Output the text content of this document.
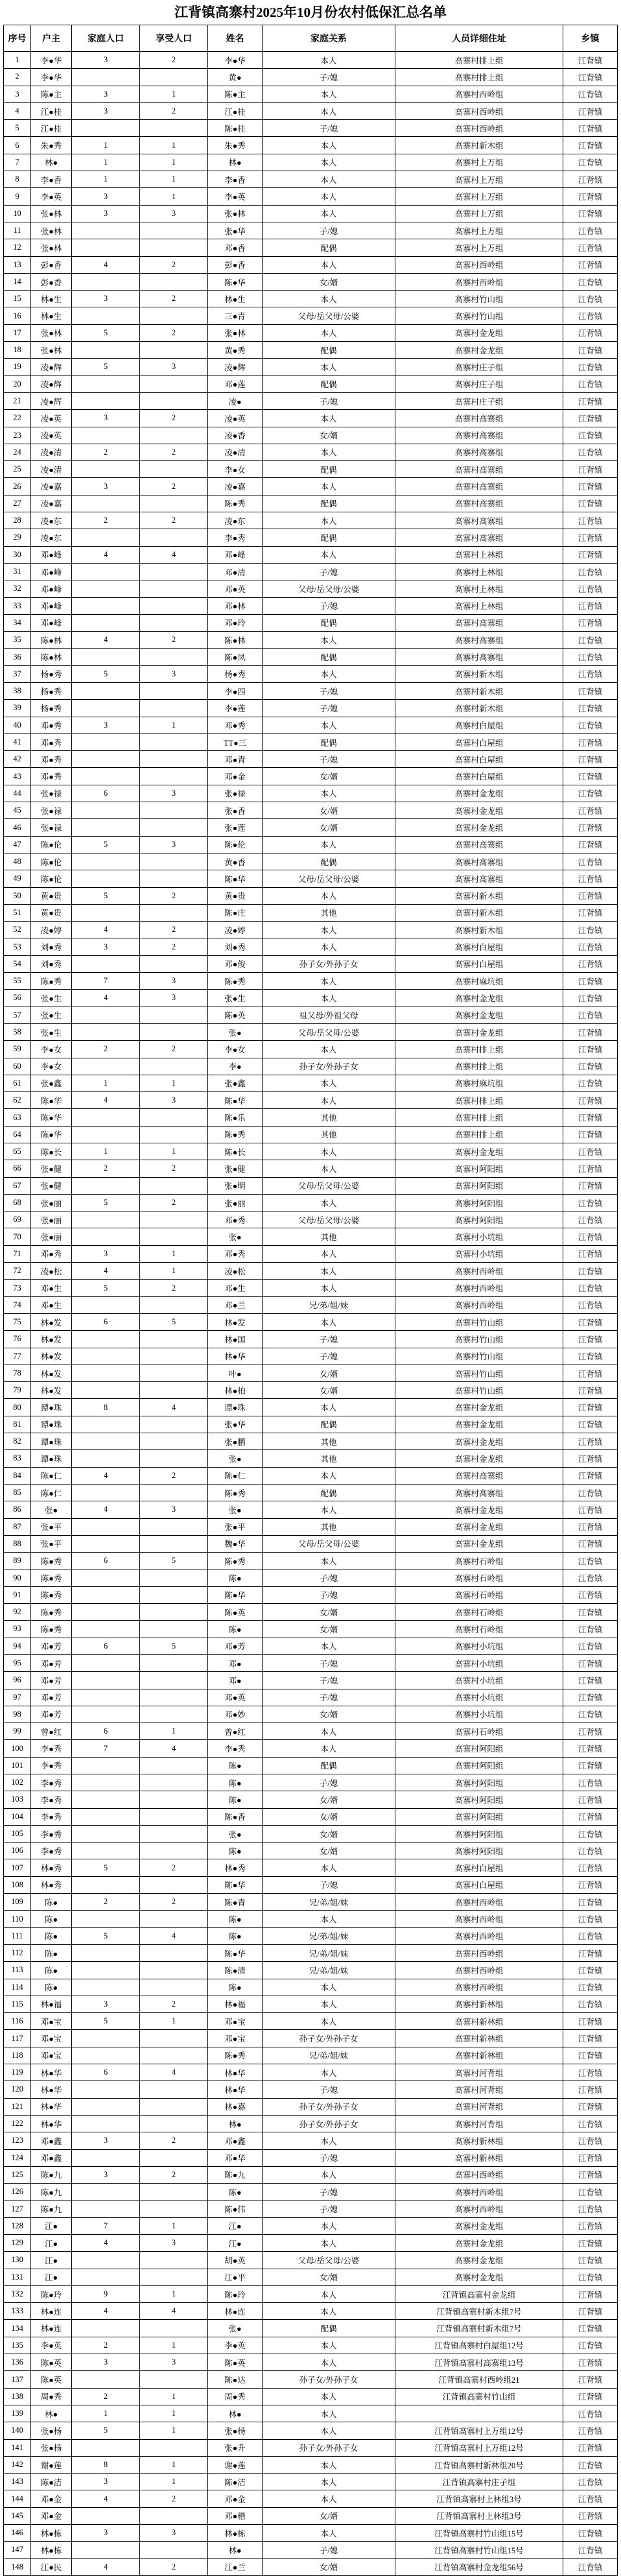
江背镇高寨村2025年10月份农村低保汇总名单
序号	户主	家庭人口	享受人口	姓名	家庭关系	人员详细住址	乡镇
1	李●华	3	2	李●华	本人	高寨村排上组	江背镇
2	李●华			黄●	子/媳	高寨村排上组	江背镇
3	陈●主	3	1	陈●主	本人	高寨村西岭组	江背镇
4	江●桂	3	2	江●桂	本人	高寨村西岭组	江背镇
5	江●桂			陈●桂	子/媳	高寨村西岭组	江背镇
6	朱●秀	1	1	朱●秀	本人	高寨村新木组	江背镇
7	林●	1	1	林●	本人	高寨村上万组	江背镇
8	李●香	1	1	李●香	本人	高寨村上万组	江背镇
9	李●英	3	1	李●英	本人	高寨村上万组	江背镇
10	张●林	3	3	张●林	本人	高寨村上万组	江背镇
11	张●林			张●华	子/媳	高寨村上万组	江背镇
12	张●林			邓●香	配偶	高寨村上万组	江背镇
13	彭●香	4	2	彭●香	本人	高寨村西岭组	江背镇
14	彭●香			陈●华	女/婿	高寨村西岭组	江背镇
15	林●生	3	2	林●生	本人	高寨村竹山组	江背镇
16	林●生			三●青	父母/岳父母/公婆	高寨村竹山组	江背镇
17	张●林	5	2	张●林	本人	高寨村金龙组	江背镇
18	张●林			黄●秀	配偶	高寨村金龙组	江背镇
19	凌●辉	5	3	凌●辉	本人	高寨村庄子组	江背镇
20	凌●辉			邓●莲	配偶	高寨村庄子组	江背镇
21	凌●辉			凌●	子/媳	高寨村庄子组	江背镇
22	凌●英	3	2	凌●英	本人	高寨村高寨组	江背镇
23	凌●英			凌●香	女/婿	高寨村高寨组	江背镇
24	凌●清	2	2	凌●清	本人	高寨村高寨组	江背镇
25	凌●清			李●女	配偶	高寨村高寨组	江背镇
26	凌●嘉	3	2	凌●嘉	本人	高寨村高寨组	江背镇
27	凌●嘉			陈●秀	配偶	高寨村高寨组	江背镇
28	凌●东	2	2	凌●东	本人	高寨村高寨组	江背镇
29	凌●东			李●秀	配偶	高寨村高寨组	江背镇
30	邓●峰	4	4	邓●峰	本人	高寨村上林组	江背镇
31	邓●峰			邓●清	子/媳	高寨村上林组	江背镇
32	邓●峰			邓●英	父母/岳父母/公婆	高寨村上林组	江背镇
33	邓●峰			邓●林	子/媳	高寨村上林组	江背镇
34	邓●峰			邓●玲	配偶	高寨村高寨组	江背镇
35	陈●林	4	2	陈●林	本人	高寨村高寨组	江背镇
36	陈●林			陈●凤	配偶	高寨村高寨组	江背镇
37	杨●秀	5	3	杨●秀	本人	高寨村新木组	江背镇
38	杨●秀			李●四	子/媳	高寨村新木组	江背镇
39	杨●秀			李●莲	子/媳	高寨村新木组	江背镇
40	邓●秀	3	1	邓●秀	本人	高寨村白屋组	江背镇
41	邓●秀			TT●三	配偶	高寨村白屋组	江背镇
42	邓●秀			邓●青	子/媳	高寨村白屋组	江背镇
43	邓●秀			邓●金	女/婿	高寨村白屋组	江背镇
44	张●禄	6	3	张●禄	本人	高寨村金龙组	江背镇
45	张●禄			张●香	女/婿	高寨村金龙组	江背镇
46	张●禄			张●莲	女/婿	高寨村金龙组	江背镇
47	陈●伦	5	3	陈●伦	本人	高寨村高寨组	江背镇
48	陈●伦			黄●香	配偶	高寨村高寨组	江背镇
49	陈●伦			陈●华	父母/岳父母/公婆	高寨村高寨组	江背镇
50	黄●贵	5	2	黄●贵	本人	高寨村新木组	江背镇
51	黄●贵			陈●庄	其他	高寨村新木组	江背镇
52	凌●婷	4	2	凌●婷	本人	高寨村新木组	江背镇
53	刘●秀	3	2	刘●秀	本人	高寨村白屋组	江背镇
54	刘●秀			邓●俊	孙子女/外孙子女	高寨村白屋组	江背镇
55	陈●秀	7	3	陈●秀	本人	高寨村麻坑组	江背镇
56	张●生	4	3	张●生	本人	高寨村金龙组	江背镇
57	张●生			陈●英	祖父母/外祖父母	高寨村金龙组	江背镇
58	张●生			张●	父母/岳父母/公婆	高寨村金龙组	江背镇
59	李●女	2	2	李●女	本人	高寨村排上组	江背镇
60	李●女			李●	孙子女/外孙子女	高寨村排上组	江背镇
61	张●鑫	1	1	张●鑫	本人	高寨村麻坑组	江背镇
62	陈●华	4	3	陈●华	本人	高寨村排上组	江背镇
63	陈●华			陈●乐	其他	高寨村排上组	江背镇
64	陈●华			陈●秀	其他	高寨村排上组	江背镇
65	陈●长	1	1	陈●长	本人	高寨村金龙组	江背镇
66	张●健	2	2	张●健	本人	高寨村阿阳组	江背镇
67	张●健			张●明	父母/岳父母/公婆	高寨村阿阳组	江背镇
68	张●丽	5	2	张●丽	本人	高寨村阿阳组	江背镇
69	张●丽			邓●秀	父母/岳父母/公婆	高寨村阿阳组	江背镇
70	张●丽			张●	其他	高寨村小坑组	江背镇
71	邓●秀	3	1	邓●秀	本人	高寨村小坑组	江背镇
72	凌●松	4	1	凌●松	本人	高寨村西岭组	江背镇
73	邓●生	5	2	邓●生	本人	高寨村西岭组	江背镇
74	邓●生			邓●兰	兄/弟/姐/妹	高寨村西岭组	江背镇
75	林●发	6	5	林●发	本人	高寨村竹山组	江背镇
76	林●发			林●国	子/媳	高寨村竹山组	江背镇
77	林●发			林●华	子/媳	高寨村竹山组	江背镇
78	林●发			叶●	女/婿	高寨村竹山组	江背镇
79	林●发			林●柏	女/婿	高寨村竹山组	江背镇
80	谭●珠	8	4	谭●珠	本人	高寨村金龙组	江背镇
81	谭●珠			张●华	配偶	高寨村金龙组	江背镇
82	谭●珠			张●鹏	其他	高寨村金龙组	江背镇
83	谭●珠			张●	其他	高寨村金龙组	江背镇
84	陈●仁	4	2	陈●仁	本人	高寨村高寨组	江背镇
85	陈●仁			陈●秀	配偶	高寨村高寨组	江背镇
86	张●	4	3	张●	本人	高寨村金龙组	江背镇
87	张●平			张●平	其他	高寨村金龙组	江背镇
88	张●平			魏●华	父母/岳父母/公婆	高寨村金龙组	江背镇
89	陈●秀	6	5	陈●秀	本人	高寨村石岭组	江背镇
90	陈●秀			陈●	子/媳	高寨村石岭组	江背镇
91	陈●秀			陈●华	子/媳	高寨村石岭组	江背镇
92	陈●秀			陈●英	女/婿	高寨村石岭组	江背镇
93	陈●秀			陈●	女/婿	高寨村石岭组	江背镇
94	邓●芳	6	5	邓●芳	本人	高寨村小坑组	江背镇
95	邓●芳			邓●	子/媳	高寨村小坑组	江背镇
96	邓●芳			邓●	子/媳	高寨村小坑组	江背镇
97	邓●芳			邓●英	子/媳	高寨村小坑组	江背镇
98	邓●芳			邓●妙	女/婿	高寨村小坑组	江背镇
99	曾●红	6	1	曾●红	本人	高寨村石岭组	江背镇
100	李●秀	7	4	李●秀	本人	高寨村阿阳组	江背镇
101	李●秀			陈●	配偶	高寨村阿阳组	江背镇
102	李●秀			陈●	子/媳	高寨村阿阳组	江背镇
103	李●秀			陈●	女/婿	高寨村阿阳组	江背镇
104	李●秀			陈●香	女/婿	高寨村阿阳组	江背镇
105	李●秀			张●	女/婿	高寨村阿阳组	江背镇
106	李●秀			陈●	女/婿	高寨村阿阳组	江背镇
107	林●秀	5	2	林●秀	本人	高寨村白屋组	江背镇
108	林●秀			陈●华	子/媳	高寨村白屋组	江背镇
109	陈●	2	2	陈●青	兄/弟/姐/妹	高寨村西岭组	江背镇
110	陈●			陈●	本人	高寨村西岭组	江背镇
111	陈●	5	4	陈●	兄/弟/姐/妹	高寨村西岭组	江背镇
112	陈●			陈●华	兄/弟/姐/妹	高寨村西岭组	江背镇
113	陈●			陈●清	兄/弟/姐/妹	高寨村西岭组	江背镇
114	陈●			陈●	本人	高寨村西岭组	江背镇
115	林●福	3	2	林●福	本人	高寨村新林组	江背镇
116	邓●宝	5	1	邓●宝	本人	高寨村新林组	江背镇
117	邓●宝			邓●宝	孙子女/外孙子女	高寨村新林组	江背镇
118	邓●宝			陈●秀	兄/弟/姐/妹	高寨村新林组	江背镇
119	林●华	6	4	林●华	本人	高寨村河背组	江背镇
120	林●华			林●华	子/媳	高寨村河背组	江背镇
121	林●华			林●嘉	孙子女/外孙子女	高寨村河背组	江背镇
122	林●华			林●	孙子女/外孙子女	高寨村河背组	江背镇
123	邓●鑫	3	2	邓●鑫	本人	高寨村新林组	江背镇
124	邓●鑫			邓●华	子/媳	高寨村新林组	江背镇
125	陈●九	3	2	陈●九	本人	高寨村西岭组	江背镇
126	陈●九			陈●	子/媳	高寨村西岭组	江背镇
127	陈●九			陈●伟	子/媳	高寨村西岭组	江背镇
128	江●	7	1	江●	本人	高寨村金龙组	江背镇
129	江●	4	3	江●	本人	高寨村金龙组	江背镇
130	江●			胡●英	父母/岳父母/公婆	高寨村金龙组	江背镇
131	江●			江●平	女/婿	高寨村金龙组	江背镇
132	陈●玲	9	1	陈●玲	本人	江背镇高寨村金龙组	江背镇
133	林●连	4	4	林●连	本人	江背镇高寨村新木组7号	江背镇
134	林●连			张●	配偶	江背镇高寨村新木组7号	江背镇
135	李●英	2	1	李●英	本人	江背镇高寨村白屋组12号	江背镇
136	陈●英	3	3	陈●英	本人	江背镇高寨村高寨组13号	江背镇
137	陈●英			陈●达	孙子女/外孙子女	江背镇高寨村西岭组21	江背镇
138	周●秀	2	1	周●秀	本人	江背镇高寨村竹山组	江背镇
139	林●	1	1	林●	本人		江背镇
140	张●杨	5	1	张●杨	本人	江背镇高寨村上万组12号	江背镇
141	张●杨			张●升	孙子女/外孙子女	江背镇高寨村上万组12号	江背镇
142	谢●莲	8	1	谢●莲	本人	江背镇高寨村新林组20号	江背镇
143	陈●洁	3	1	陈●洁	本人	江背镇高寨村庄子组	江背镇
144	邓●金	4	2	邓●金	本人	江背镇高寨村上林组3号	江背镇
145	邓●金			邓●楷	女/婿	江背镇高寨村上林组3号	江背镇
146	林●栋	3	3	林●栋	本人	江背镇高寨村竹山组15号	江背镇
147	林●栋			林●	子/媳	江背镇高寨村竹山组15号	江背镇
148	江●民	4	2	江●兰	女/婿	江背镇高寨村金龙组56号	江背镇
